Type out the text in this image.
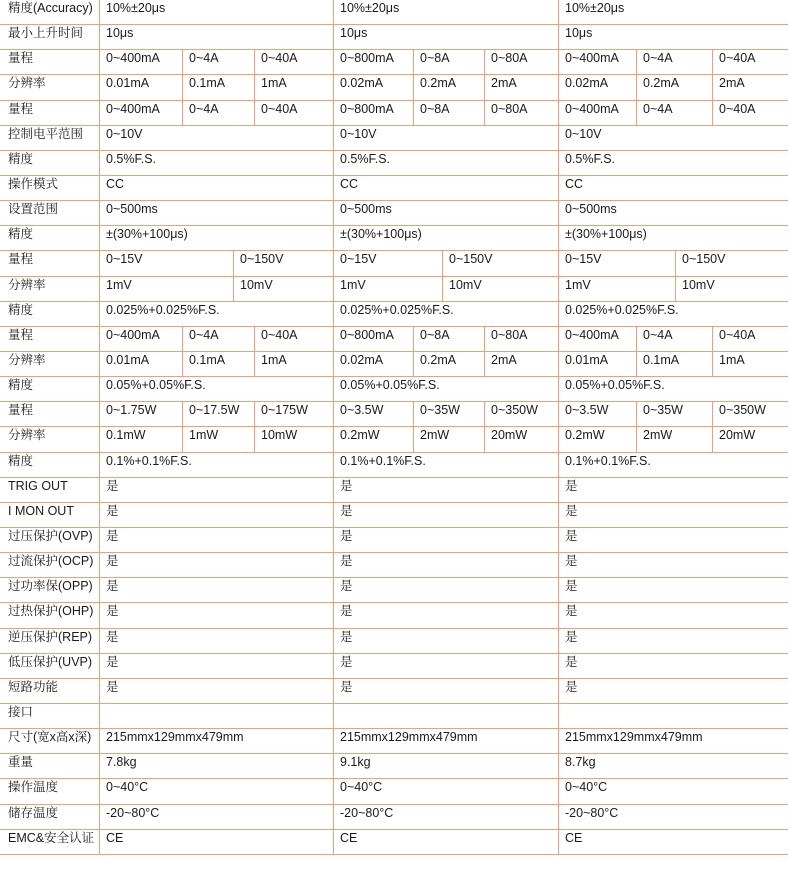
精度(Accuracy)	10%±20μs	10%±20μs	10%±20μs
最小上升时间	10μs	10μs	10μs
量程	0~400mA	0~4A	0~40A	0~800mA	0~8A	0~80A	0~400mA	0~4A	0~40A
分辨率	0.01mA	0.1mA	1mA	0.02mA	0.2mA	2mA	0.02mA	0.2mA	2mA
量程	0~400mA	0~4A	0~40A	0~800mA	0~8A	0~80A	0~400mA	0~4A	0~40A
控制电平范围	0~10V	0~10V	0~10V
精度	0.5%F.S.	0.5%F.S.	0.5%F.S.
操作模式	CC	CC	CC
设置范围	0~500ms	0~500ms	0~500ms
精度	±(30%+100μs)	±(30%+100μs)	±(30%+100μs)
量程	0~15V	0~150V	0~15V	0~150V	0~15V	0~150V
分辨率	1mV	10mV	1mV	10mV	1mV	10mV
精度	0.025%+0.025%F.S.	0.025%+0.025%F.S.	0.025%+0.025%F.S.
量程	0~400mA	0~4A	0~40A	0~800mA	0~8A	0~80A	0~400mA	0~4A	0~40A
分辨率	0.01mA	0.1mA	1mA	0.02mA	0.2mA	2mA	0.01mA	0.1mA	1mA
精度	0.05%+0.05%F.S.	0.05%+0.05%F.S.	0.05%+0.05%F.S.
量程	0~1.75W	0~17.5W	0~175W	0~3.5W	0~35W	0~350W	0~3.5W	0~35W	0~350W
分辨率	0.1mW	1mW	10mW	0.2mW	2mW	20mW	0.2mW	2mW	20mW
精度	0.1%+0.1%F.S.	0.1%+0.1%F.S.	0.1%+0.1%F.S.
TRIG OUT	是	是	是
I MON OUT	是	是	是
过压保护(OVP)	是	是	是
过流保护(OCP)	是	是	是
过功率保(OPP)	是	是	是
过热保护(OHP)	是	是	是
逆压保护(REP)	是	是	是
低压保护(UVP)	是	是	是
短路功能	是	是	是
接口
尺寸(宽x高x深)	215mmx129mmx479mm	215mmx129mmx479mm	215mmx129mmx479mm
重量	7.8kg	9.1kg	8.7kg
操作温度	0~40°C	0~40°C	0~40°C
储存温度	-20~80°C	-20~80°C	-20~80°C
EMC&安全认证 CE	CE	CE
